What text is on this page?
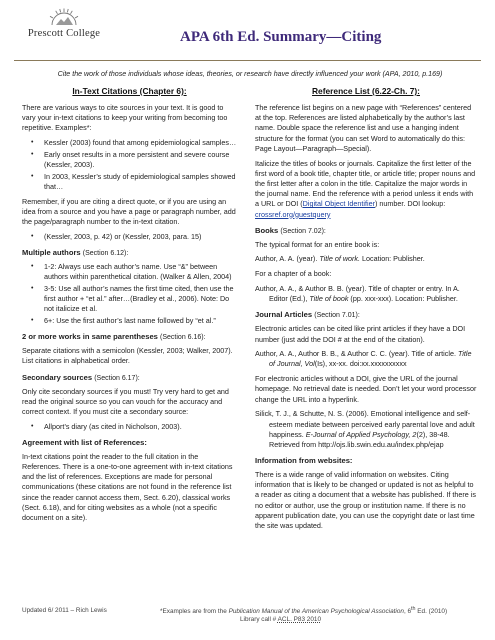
Prescott College	APA 6th Ed. Summary—Citing
Cite the work of those individuals whose ideas, theories, or research have directly influenced your work (APA, 2010, p.169)
In-Text Citations (Chapter 6):

There are various ways to cite sources in your text. It is good to vary your in-text citations to keep your writing from becoming too repetitive. Examples*:

• Kessler (2003) found that among epidemiological samples…
• Early onset results in a more persistent and severe course (Kessler, 2003).
• In 2003, Kessler’s study of epidemiological samples showed that…

Remember, if you are citing a direct quote, or if you are using an idea from a source and you have a page or paragraph number, add the page/paragraph number to the in-text citation.

• (Kessler, 2003, p. 42) or (Kessler, 2003, para. 15)
Multiple authors (Section 6.12):
• 1-2: Always use each author’s name. Use “&” between authors within parenthetical citation. (Walker & Allen, 2004)
• 3-5: Use all author’s names the first time cited, then use the first author + “et al.” after…(Bradley et al., 2006). Note: Do not italicize et al.
• 6+: Use the first author’s last name followed by “et al.”
2 or more works in same parentheses (Section 6.16):

Separate citations with a semicolon (Kessler, 2003; Walker, 2007). List citations in alphabetical order.

Secondary sources (Section 6.17):

Only cite secondary sources if you must! Try very hard to get and read the original source so you can vouch for the accuracy and correct context. If you must cite a secondary source:

• Allport’s diary (as cited in Nicholson, 2003).
Agreement with list of References:

In-text citations point the reader to the full citation in the References. There is a one-to-one agreement with in-text citations and the list of references. Exceptions are made for personal communications (these citations are not found in the reference list since the reader cannot access them, Sect. 6.20), classical works (Sect. 6.18), and for citing websites as a whole (not a specific document on a site).

Reference List (6.22-Ch. 7):

The reference list begins on a new page with “References” centered at the top. References are listed alphabetically by the author’s last name. Double space the reference list and use a hanging indent structure for the format (you can set Word to automatically do this: Page Layout—Paragraph—Special).

Italicize the titles of books or journals. Capitalize the first letter of the first word of a book title, chapter title, or article title; proper nouns and the first letter after a colon in the title. Capitalize the major words in the journal name. End the reference with a period unless it ends with a URL or DOI (Digital Object Identifier) number. DOI lookup: crossref.org/guestquery

Books (Section 7.02):

The typical format for an entire book is:

Author, A. A. (year). Title of work. Location: Publisher.

For a chapter of a book:

Author, A. A., & Author B. B. (year). Title of chapter or entry. In A. Editor (Ed.), Title of book (pp. xxx-xxx). Location: Publisher.

Journal Articles (Section 7.01):

Electronic articles can be cited like print articles if they have a DOI number (just add the DOI # at the end of the citation).

Author, A. A., Author B. B., & Author C. C. (year). Title of article. Title of Journal, Vol(Is), xx-xx. doi:xx.xxxxxxxxxx

For electronic articles without a DOI, give the URL of the journal homepage. No retrieval date is needed. Don’t let your word processor change the URL into a hyperlink.

Silick, T. J., & Schutte, N. S. (2006). Emotional intelligence and self-esteem mediate between perceived early parental love and adult happiness. E-Journal of Applied Psychology, 2(2), 38-48. Retrieved from http://ojs.lib.swin.edu.au/index.php/ejap

Information from websites:

There is a wide range of valid information on websites. Citing information that is likely to be changed or updated is not as helpful to a reader as citing a document that a website has published. If there is no editor or author, use the group or institution name. If there is no apparent publication date, you can use the copyright date or last time the site was updated.

Updated 6/ 2011 – Rich Lewis	*Examples are from the Publication Manual of the American Psychological Association, 6th Ed. (2010)
Library call # ACL. P83 2010
